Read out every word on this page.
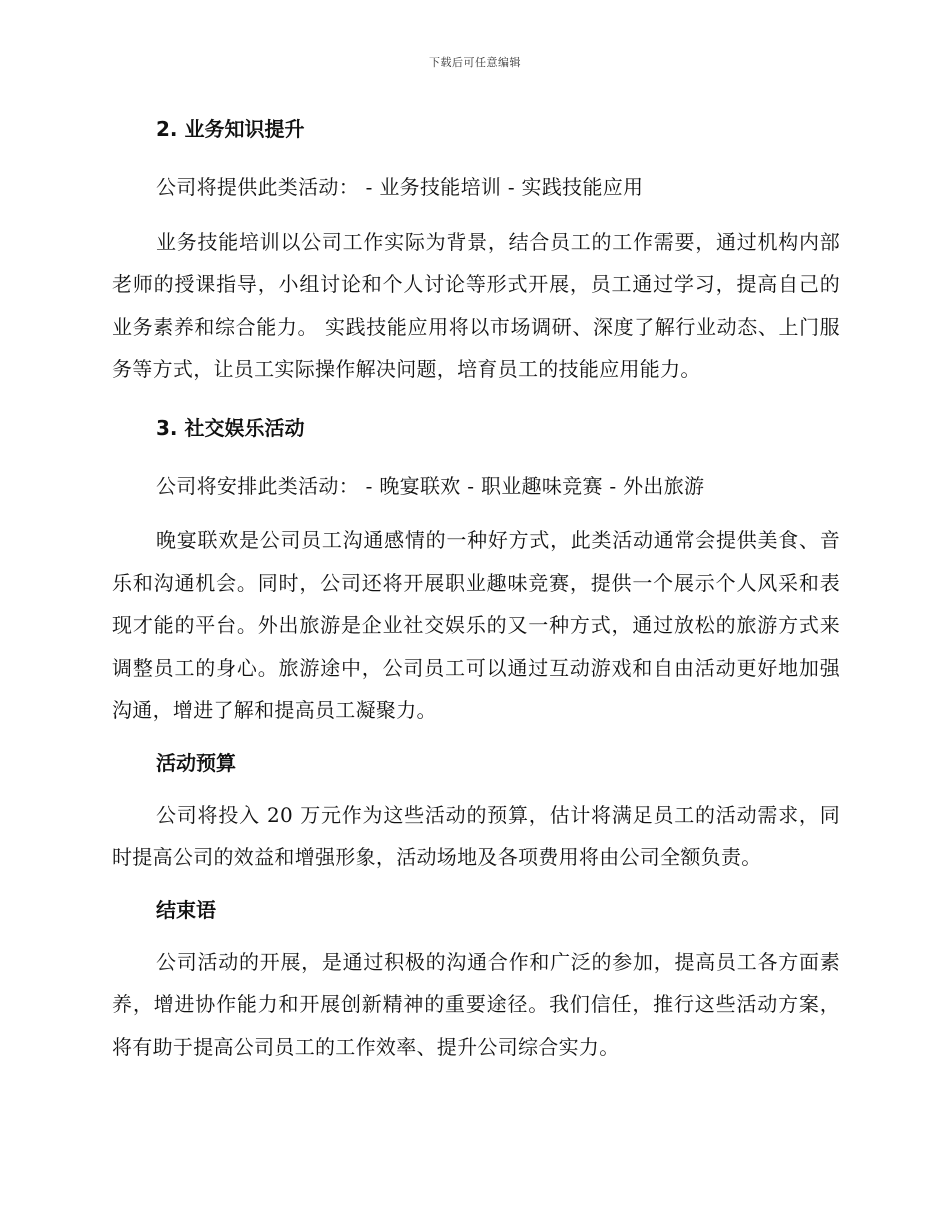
下载后可任意编辑
2. 业务知识提升

公司将提供此类活动： - 业务技能培训 - 实践技能应用

业务技能培训以公司工作实际为背景，结合员工的工作需要，通过机构内部老师的授课指导，小组讨论和个人讨论等形式开展，员工通过学习，提高自己的业务素养和综合能力。 实践技能应用将以市场调研、深度了解行业动态、上门服务等方式，让员工实际操作解决问题，培育员工的技能应用能力。

3. 社交娱乐活动

公司将安排此类活动： - 晚宴联欢 - 职业趣味竞赛 - 外出旅游

晚宴联欢是公司员工沟通感情的一种好方式，此类活动通常会提供美食、音乐和沟通机会。同时，公司还将开展职业趣味竞赛，提供一个展示个人风采和表现才能的平台。外出旅游是企业社交娱乐的又一种方式，通过放松的旅游方式来调整员工的身心。旅游途中，公司员工可以通过互动游戏和自由活动更好地加强沟通，增进了解和提高员工凝聚力。

活动预算

公司将投入 20 万元作为这些活动的预算，估计将满足员工的活动需求，同时提高公司的效益和增强形象，活动场地及各项费用将由公司全额负责。

结束语

公司活动的开展，是通过积极的沟通合作和广泛的参加，提高员工各方面素养，增进协作能力和开展创新精神的重要途径。我们信任，推行这些活动方案，将有助于提高公司员工的工作效率、提升公司综合实力。
